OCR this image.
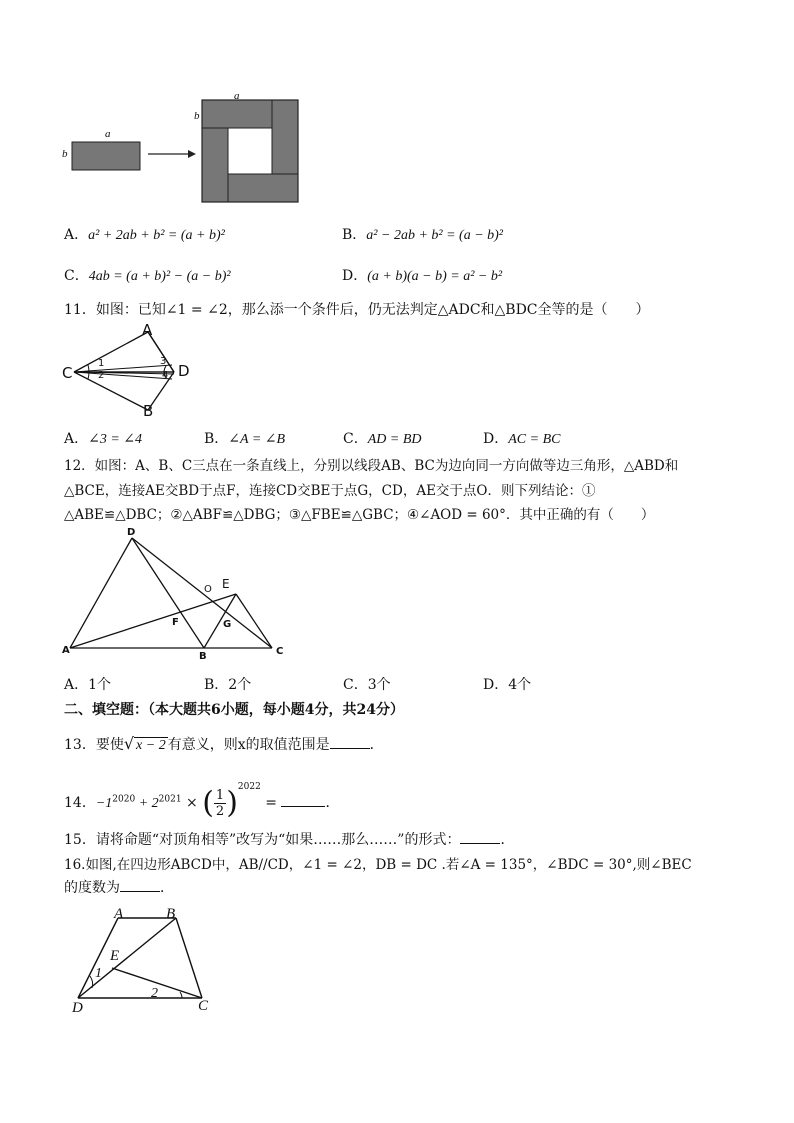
a
b
a
b
A．a² + 2ab + b² = (a + b)²	B．a² − 2ab + b² = (a − b)²
C．4ab = (a + b)² − (a − b)²	D．(a + b)(a − b) = a² − b²
11．如图：已知∠1 = ∠2，那么添一个条件后，仍无法判定△ADC和△BDC全等的是（　　）
A
C	D
B
1
2
3
4
A．∠3 = ∠4	B．∠A = ∠B	C．AD = BD	D．AC = BC
12．如图：A、B、C三点在一条直线上，分别以线段AB、BC为边向同一方向做等边三角形，△ABD和
△BCE，连接AE交BD于点F，连接CD交BE于点G，CD，AE交于点O．则下列结论：①
△ABE≌△DBC；②△ABF≌△DBG；③△FBE≌△GBC；④∠AOD = 60°．其中正确的有（　　）
D
E
O
F	G
A
B	C
A．1个	B．2个	C．3个	D．4个
二、填空题：（本大题共6小题，每小题4分，共24分）
13．要使√ x − 2 有意义，则x的取值范围是	．
14．$-1^{2020} + 2^{2021}$ × ( $\frac{1}{2} )^{2022}$ =	．
15．请将命题“对顶角相等”改写为“如果……那么……”的形式：	．
16.如图,在四边形ABCD中，AB//CD，∠1 = ∠2，DB = DC .若∠A = 135°，∠BDC = 30°,则∠BEC
的度数为	．
A	B
E
1
2
D	C
